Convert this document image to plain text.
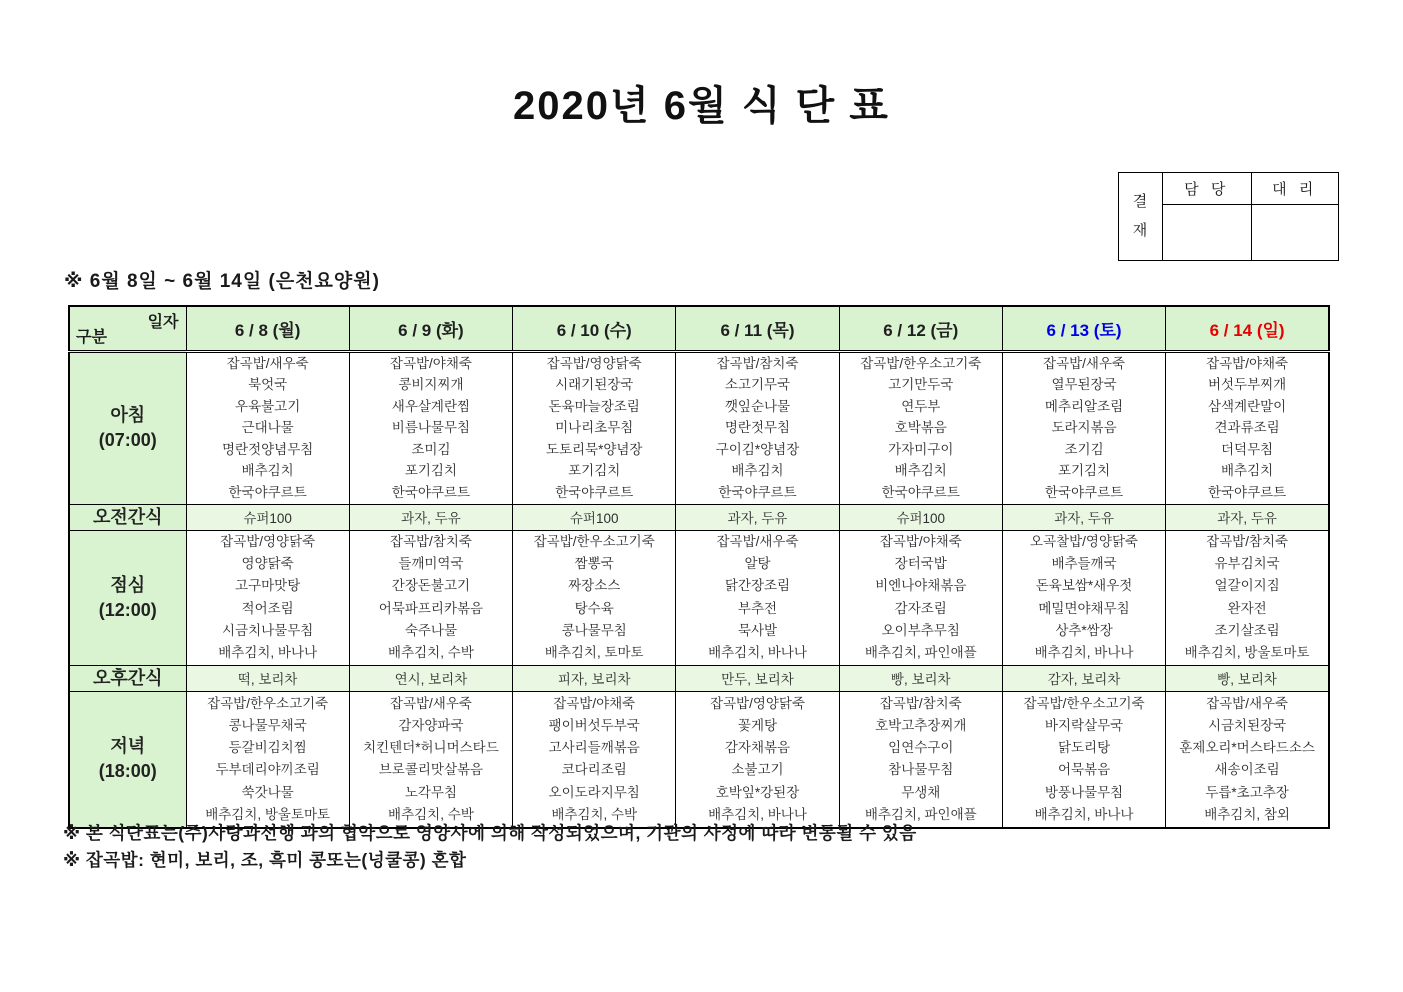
2020년 6월 식 단 표
결재
담 당	대 리
※ 6월 8일 ~ 6월 14일 (은천요양원)
일자
구분	6 / 8 (월)	6 / 9 (화)	6 / 10 (수)	6 / 11 (목)	6 / 12 (금)	6 / 13 (토)	6 / 14 (일)

아침
(07:00)

잡곡밥/새우죽
북엇국
우육불고기
근대나물
명란젓양념무침
배추김치
한국야쿠르트

잡곡밥/야채죽
콩비지찌개
새우살계란찜
비름나물무침
조미김
포기김치
한국야쿠르트

잡곡밥/영양닭죽
시래기된장국
돈육마늘장조림
미나리초무침
도토리묵*양념장
포기김치
한국야쿠르트

잡곡밥/참치죽
소고기무국
깻잎순나물
명란젓무침
구이김*양념장
배추김치
한국야쿠르트

잡곡밥/한우소고기죽
고기만두국
연두부
호박볶음
가자미구이
배추김치
한국야쿠르트

잡곡밥/새우죽
열무된장국
메추리알조림
도라지볶음
조기김
포기김치
한국야쿠르트

잡곡밥/야채죽
버섯두부찌개
삼색계란말이
견과류조림
더덕무침
배추김치
한국야쿠르트

오전간식	슈퍼100	과자, 두유	슈퍼100	과자, 두유	슈퍼100	과자, 두유	과자, 두유

점심
(12:00)

잡곡밥/영양닭죽
영양닭죽
고구마맛탕
적어조림
시금치나물무침
배추김치, 바나나

잡곡밥/참치죽
들깨미역국
간장돈불고기
어묵파프리카볶음
숙주나물
배추김치, 수박

잡곡밥/한우소고기죽
짬뽕국
짜장소스
탕수육
콩나물무침
배추김치, 토마토

잡곡밥/새우죽
알탕
닭간장조림
부추전
묵사발
배추김치, 바나나

잡곡밥/야채죽
장터국밥
비엔나야채볶음
감자조림
오이부추무침
배추김치, 파인애플

오곡찰밥/영양닭죽
배추들깨국
돈육보쌈*새우젓
메밀면야채무침
상추*쌈장
배추김치, 바나나

잡곡밥/참치죽
유부김치국
얼갈이지짐
완자전
조기살조림
배추김치, 방울토마토

오후간식	떡, 보리차	연시, 보리차	피자, 보리차	만두, 보리차	빵, 보리차	감자, 보리차	빵, 보리차

저녁
(18:00)

잡곡밥/한우소고기죽
콩나물무채국
등갈비김치찜
두부데리야끼조림
쑥갓나물
배추김치, 방울토마토

잡곡밥/새우죽
감자양파국
치킨텐더*허니머스타드
브로콜리맛살볶음
노각무침
배추김치, 수박

잡곡밥/야채죽
팽이버섯두부국
고사리들깨볶음
코다리조림
오이도라지무침
배추김치, 수박

잡곡밥/영양닭죽
꽃게탕
감자채볶음
소불고기
호박잎*강된장
배추김치, 바나나

잡곡밥/참치죽
호박고추장찌개
임연수구이
참나물무침
무생채
배추김치, 파인애플

잡곡밥/한우소고기죽
바지락살무국
닭도리탕
어묵볶음
방풍나물무침
배추김치, 바나나

잡곡밥/새우죽
시금치된장국
훈제오리*머스타드소스
새송이조림
두릅*초고추장
배추김치, 참외
※ 본 식단표는(주)사랑과선행 과의 협약으로 영양사에 의해 작성되었으며, 기관의 사정에 따라 변동될 수 있음
※ 잡곡밥: 현미, 보리, 조, 흑미 콩또는(넝쿨콩) 혼합
